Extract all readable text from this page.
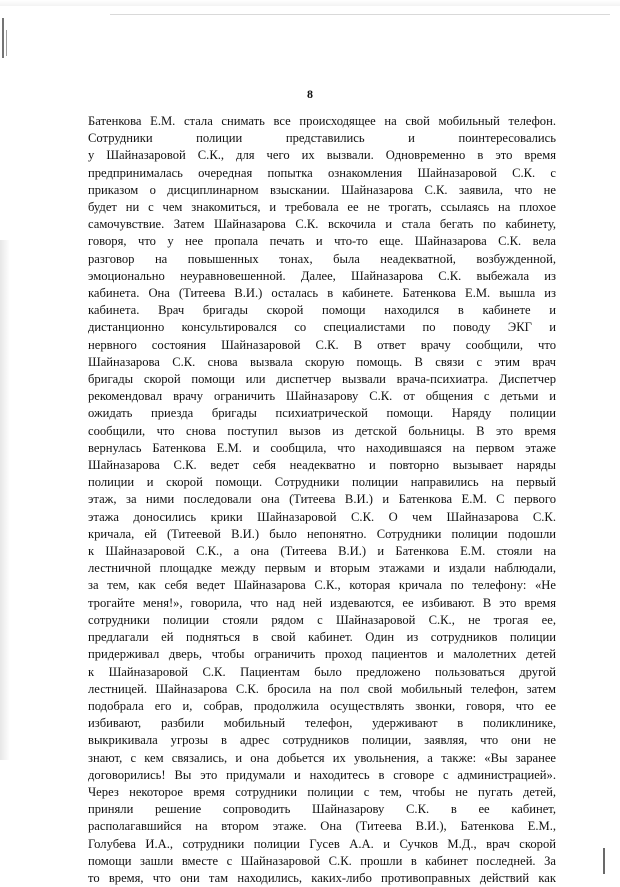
8

Батенкова Е.М. стала снимать все происходящее на свой мобильный телефон.
Сотрудники полиции представились и поинтересовались
у Шайназаровой С.К., для чего их вызвали. Одновременно в это время
предпринималась очередная попытка ознакомления Шайназаровой С.К. с
приказом о дисциплинарном взыскании. Шайназарова С.К. заявила, что не
будет ни с чем знакомиться, и требовала ее не трогать, ссылаясь на плохое
самочувствие. Затем Шайназарова С.К. вскочила и стала бегать по кабинету,
говоря, что у нее пропала печать и что-то еще. Шайназарова С.К. вела
разговор на повышенных тонах, была неадекватной, возбужденной,
эмоционально неуравновешенной. Далее, Шайназарова С.К. выбежала из
кабинета. Она (Титеева В.И.) осталась в кабинете. Батенкова Е.М. вышла из
кабинета. Врач бригады скорой помощи находился в кабинете и
дистанционно консультировался со специалистами по поводу ЭКГ и
нервного состояния Шайназаровой С.К. В ответ врачу сообщили, что
Шайназарова С.К. снова вызвала скорую помощь. В связи с этим врач
бригады скорой помощи или диспетчер вызвали врача-психиатра. Диспетчер
рекомендовал врачу ограничить Шайназарову С.К. от общения с детьми и
ожидать приезда бригады психиатрической помощи. Наряду полиции
сообщили, что снова поступил вызов из детской больницы. В это время
вернулась Батенкова Е.М. и сообщила, что находившаяся на первом этаже
Шайназарова С.К. ведет себя неадекватно и повторно вызывает наряды
полиции и скорой помощи. Сотрудники полиции направились на первый
этаж, за ними последовали она (Титеева В.И.) и Батенкова Е.М. С первого
этажа доносились крики Шайназаровой С.К. О чем Шайназарова С.К.
кричала, ей (Титеевой В.И.) было непонятно. Сотрудники полиции подошли
к Шайназаровой С.К., а она (Титеева В.И.) и Батенкова Е.М. стояли на
лестничной площадке между первым и вторым этажами и издали наблюдали,
за тем, как себя ведет Шайназарова С.К., которая кричала по телефону: «Не
трогайте меня!», говорила, что над ней издеваются, ее избивают. В это время
сотрудники полиции стояли рядом с Шайназаровой С.К., не трогая ее,
предлагали ей подняться в свой кабинет. Один из сотрудников полиции
придерживал дверь, чтобы ограничить проход пациентов и малолетних детей
к Шайназаровой С.К. Пациентам было предложено пользоваться другой
лестницей. Шайназарова С.К. бросила на пол свой мобильный телефон, затем
подобрала его и, собрав, продолжила осуществлять звонки, говоря, что ее
избивают, разбили мобильный телефон, удерживают в поликлинике,
выкрикивала угрозы в адрес сотрудников полиции, заявляя, что они не
знают, с кем связались, и она добьется их увольнения, а также: «Вы заранее
договорились! Вы это придумали и находитесь в сговоре с администрацией».
Через некоторое время сотрудники полиции с тем, чтобы не пугать детей,
приняли решение сопроводить Шайназарову С.К. в ее кабинет,
располагавшийся на втором этаже. Она (Титеева В.И.), Батенкова Е.М.,
Голубева И.А., сотрудники полиции Гусев А.А. и Сучков М.Д., врач скорой
помощи зашли вместе с Шайназаровой С.К. прошли в кабинет последней. За
то время, что они там находились, каких-либо противоправных действий как
